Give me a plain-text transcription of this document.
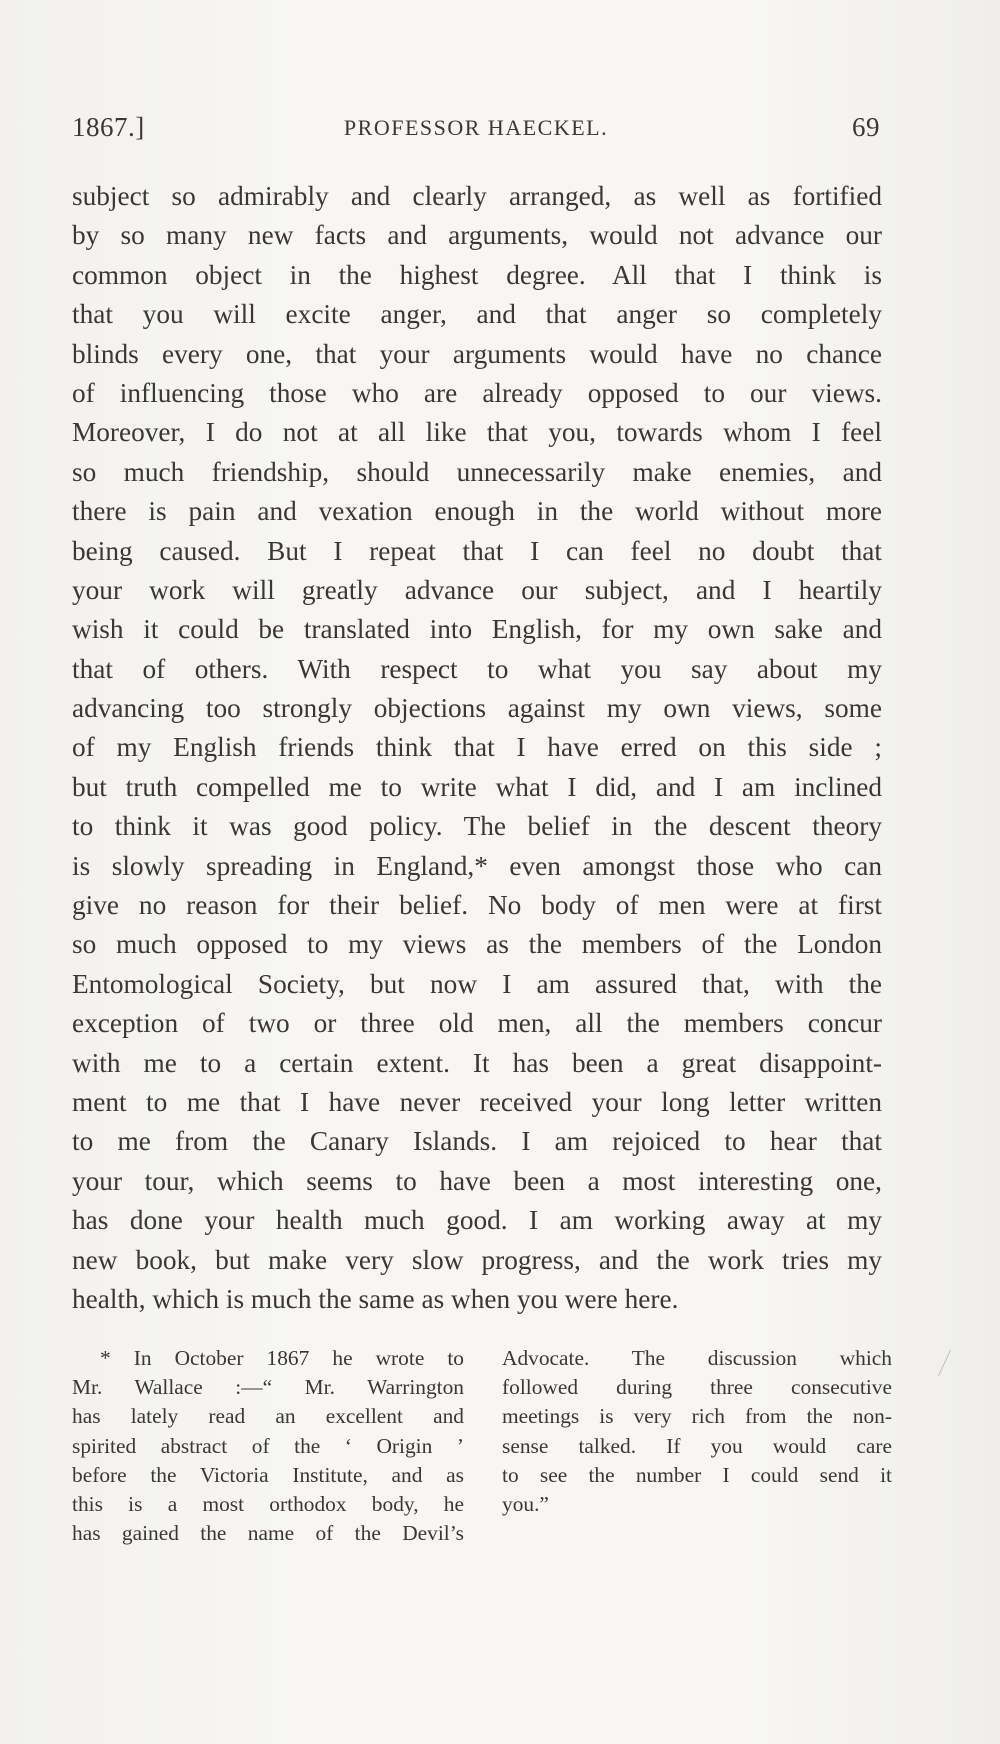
1867.]	PROFESSOR HAECKEL.	69
subject so admirably and clearly arranged, as well as fortified
by so many new facts and arguments, would not advance our
common object in the highest degree. All that I think is
that you will excite anger, and that anger so completely
blinds every one, that your arguments would have no chance
of influencing those who are already opposed to our views.
Moreover, I do not at all like that you, towards whom I feel
so much friendship, should unnecessarily make enemies, and
there is pain and vexation enough in the world without more
being caused. But I repeat that I can feel no doubt that
your work will greatly advance our subject, and I heartily
wish it could be translated into English, for my own sake and
that of others. With respect to what you say about my
advancing too strongly objections against my own views, some
of my English friends think that I have erred on this side ;
but truth compelled me to write what I did, and I am inclined
to think it was good policy. The belief in the descent theory
is slowly spreading in England,* even amongst those who can
give no reason for their belief. No body of men were at first
so much opposed to my views as the members of the London
Entomological Society, but now I am assured that, with the
exception of two or three old men, all the members concur
with me to a certain extent. It has been a great disappoint-
ment to me that I have never received your long letter written
to me from the Canary Islands. I am rejoiced to hear that
your tour, which seems to have been a most interesting one,
has done your health much good. I am working away at my
new book, but make very slow progress, and the work tries my
health, which is much the same as when you were here.
* In October 1867 he wrote to
Mr. Wallace :—“ Mr. Warrington
has lately read an excellent and
spirited abstract of the ‘ Origin ’
before the Victoria Institute, and as
this is a most orthodox body, he
has gained the name of the Devil’s
Advocate. The discussion which
followed during three consecutive
meetings is very rich from the non-
sense talked. If you would care
to see the number I could send it
you.”
